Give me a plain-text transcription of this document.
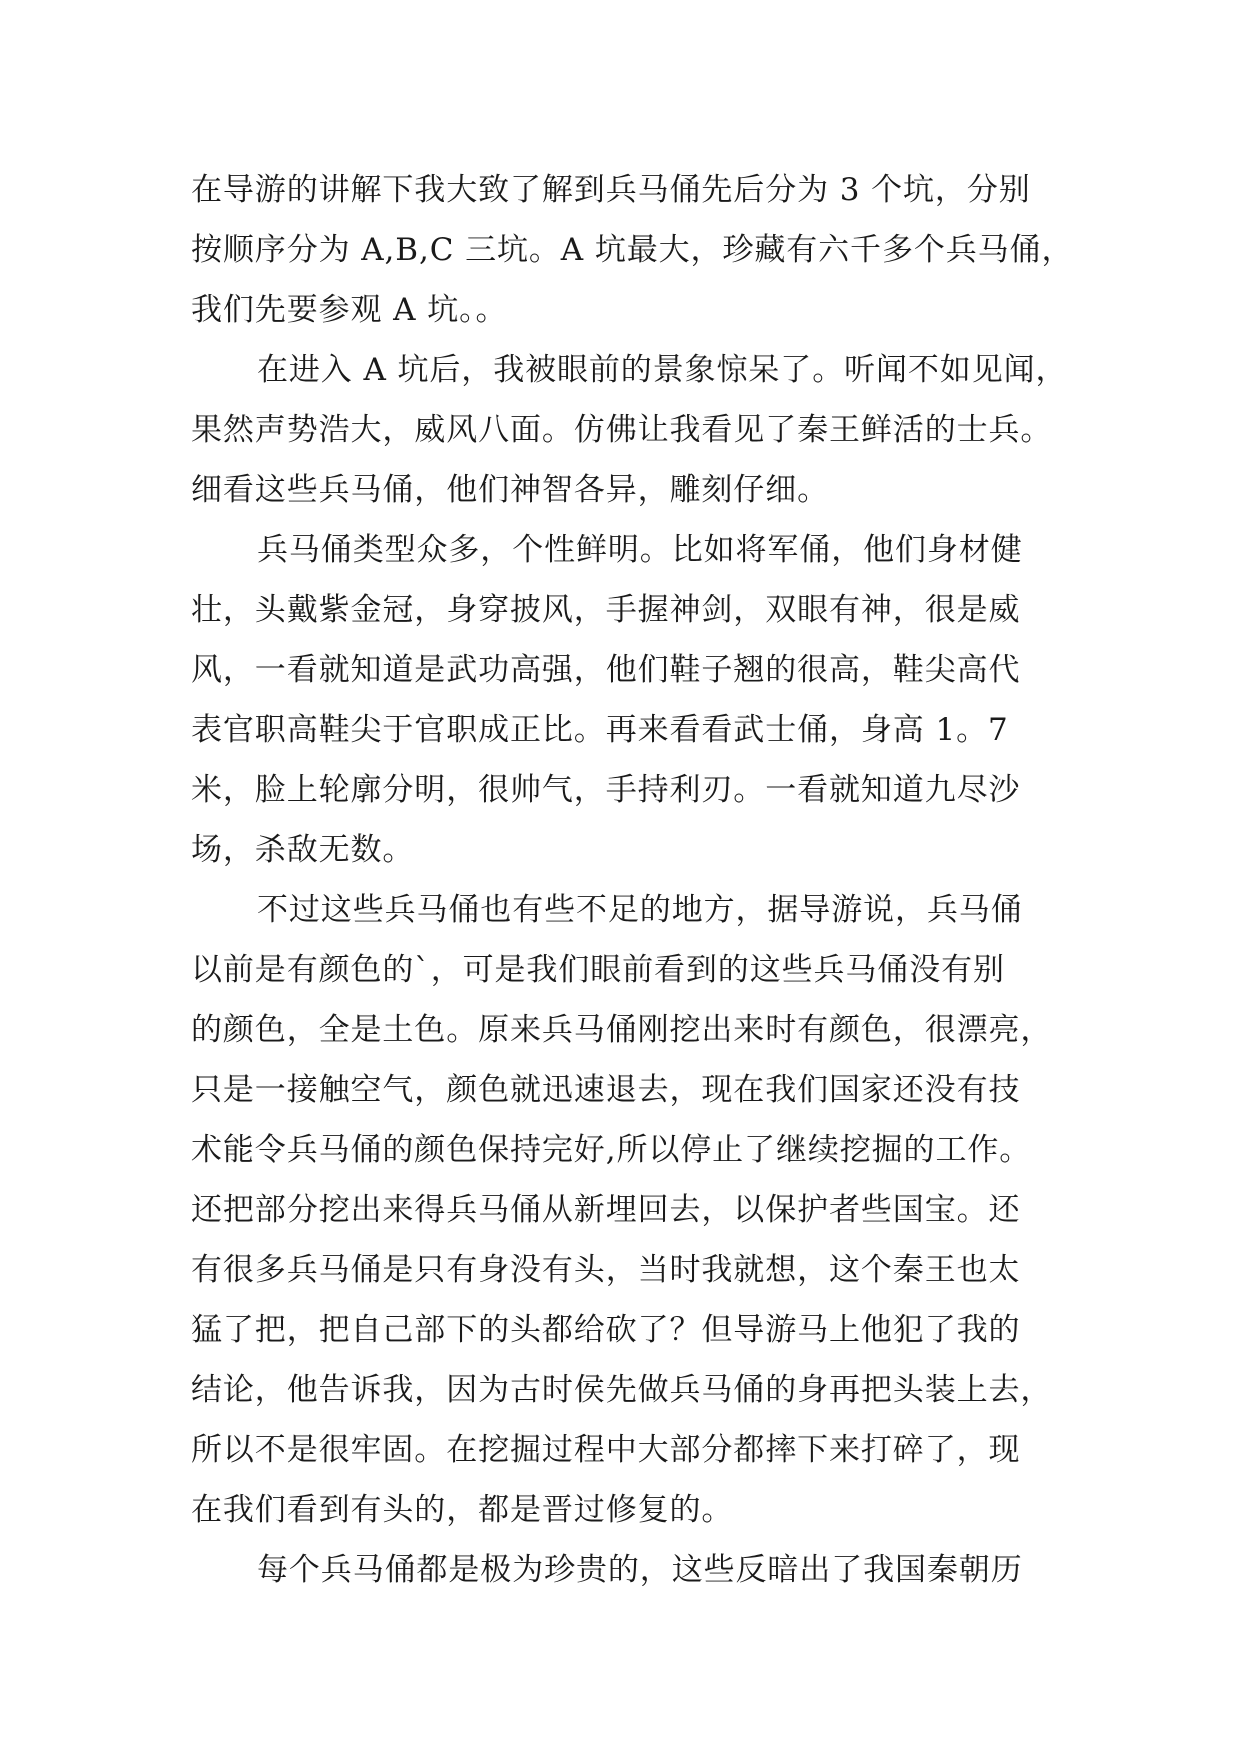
在导游的讲解下我大致了解到兵马俑先后分为 3 个坑，分别
按顺序分为 A,B,C 三坑。A 坑最大，珍藏有六千多个兵马俑，
我们先要参观 A 坑。。
在进入 A 坑后，我被眼前的景象惊呆了。听闻不如见闻，
果然声势浩大，威风八面。仿佛让我看见了秦王鲜活的士兵。
细看这些兵马俑，他们神智各异，雕刻仔细。
兵马俑类型众多，个性鲜明。比如将军俑，他们身材健
壮，头戴紫金冠，身穿披风，手握神剑，双眼有神，很是威
风，一看就知道是武功高强，他们鞋子翘的很高，鞋尖高代
表官职高鞋尖于官职成正比。再来看看武士俑，身高 1。7
米，脸上轮廓分明，很帅气，手持利刃。一看就知道九尽沙
场，杀敌无数。
不过这些兵马俑也有些不足的地方，据导游说，兵马俑
以前是有颜色的`，可是我们眼前看到的这些兵马俑没有别
的颜色，全是土色。原来兵马俑刚挖出来时有颜色，很漂亮，
只是一接触空气，颜色就迅速退去，现在我们国家还没有技
术能令兵马俑的颜色保持完好,所以停止了继续挖掘的工作。
还把部分挖出来得兵马俑从新埋回去，以保护者些国宝。还
有很多兵马俑是只有身没有头，当时我就想，这个秦王也太
猛了把，把自己部下的头都给砍了？但导游马上他犯了我的
结论，他告诉我，因为古时侯先做兵马俑的身再把头装上去，
所以不是很牢固。在挖掘过程中大部分都摔下来打碎了，现
在我们看到有头的，都是晋过修复的。
每个兵马俑都是极为珍贵的，这些反暗出了我国秦朝历
